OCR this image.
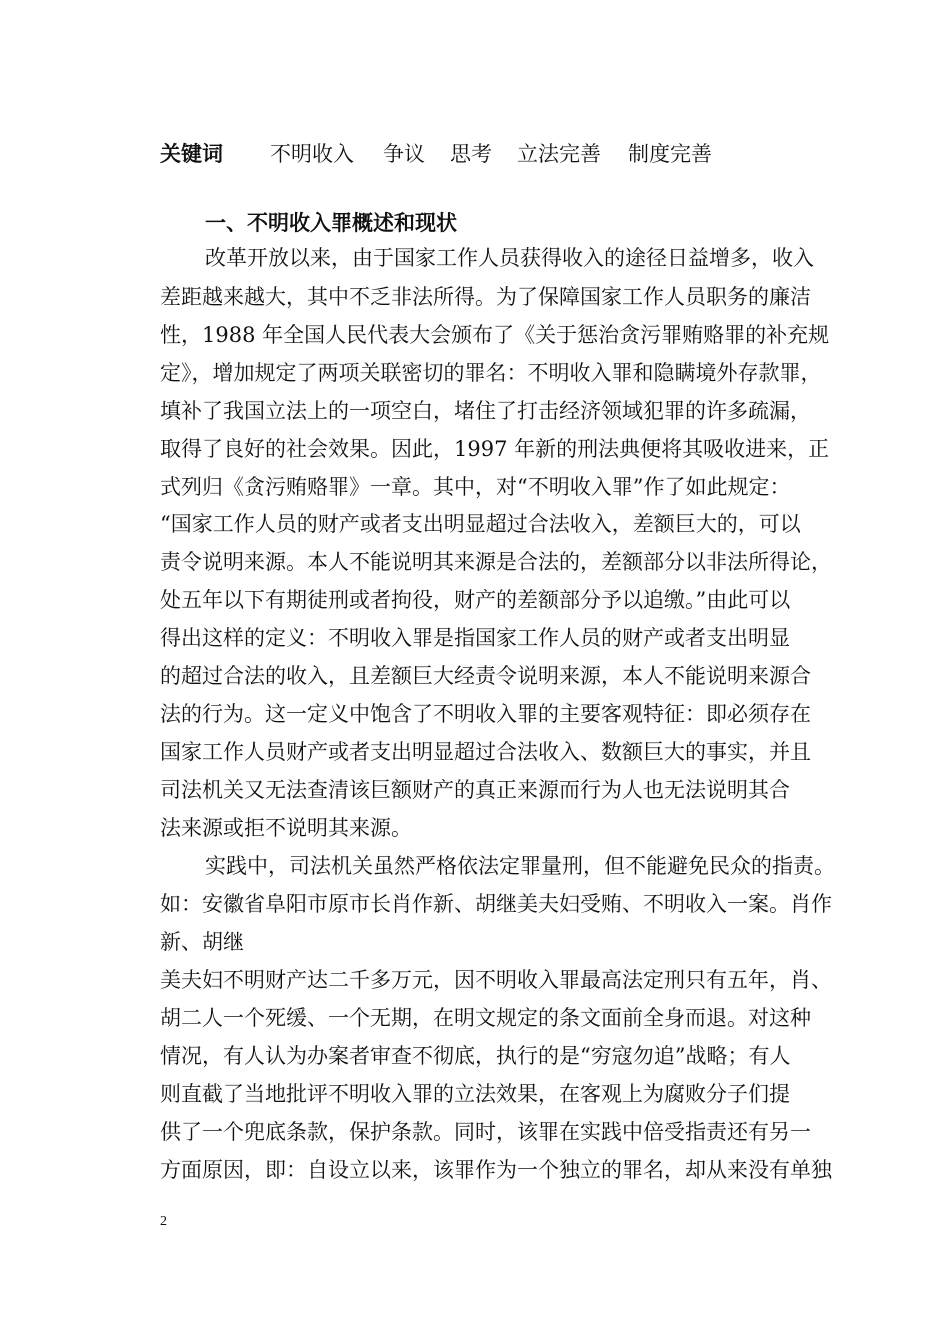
关键词 不明收入 争议 思考 立法完善 制度完善
一、不明收入罪概述和现状
改革开放以来，由于国家工作人员获得收入的途径日益增多，收入
差距越来越大，其中不乏非法所得。为了保障国家工作人员职务的廉洁
性，1988 年全国人民代表大会颁布了《关于惩治贪污罪贿赂罪的补充规
定》，增加规定了两项关联密切的罪名：不明收入罪和隐瞒境外存款罪，
填补了我国立法上的一项空白，堵住了打击经济领域犯罪的许多疏漏，
取得了良好的社会效果。因此，1997 年新的刑法典便将其吸收进来，正
式列归《贪污贿赂罪》一章。其中，对“不明收入罪”作了如此规定：
“国家工作人员的财产或者支出明显超过合法收入，差额巨大的，可以
责令说明来源。本人不能说明其来源是合法的，差额部分以非法所得论，
处五年以下有期徒刑或者拘役，财产的差额部分予以追缴。”由此可以
得出这样的定义：不明收入罪是指国家工作人员的财产或者支出明显
的超过合法的收入，且差额巨大经责令说明来源，本人不能说明来源合
法的行为。这一定义中饱含了不明收入罪的主要客观特征：即必须存在
国家工作人员财产或者支出明显超过合法收入、数额巨大的事实，并且
司法机关又无法查清该巨额财产的真正来源而行为人也无法说明其合
法来源或拒不说明其来源。
实践中，司法机关虽然严格依法定罪量刑，但不能避免民众的指责。
如：安徽省阜阳市原市长肖作新、胡继美夫妇受贿、不明收入一案。肖作
新、胡继
美夫妇不明财产达二千多万元，因不明收入罪最高法定刑只有五年，肖、
胡二人一个死缓、一个无期，在明文规定的条文面前全身而退。对这种
情况，有人认为办案者审查不彻底，执行的是“穷寇勿追”战略；有人
则直截了当地批评不明收入罪的立法效果，在客观上为腐败分子们提
供了一个兜底条款，保护条款。同时，该罪在实践中倍受指责还有另一
方面原因，即：自设立以来，该罪作为一个独立的罪名，却从来没有单独
2
